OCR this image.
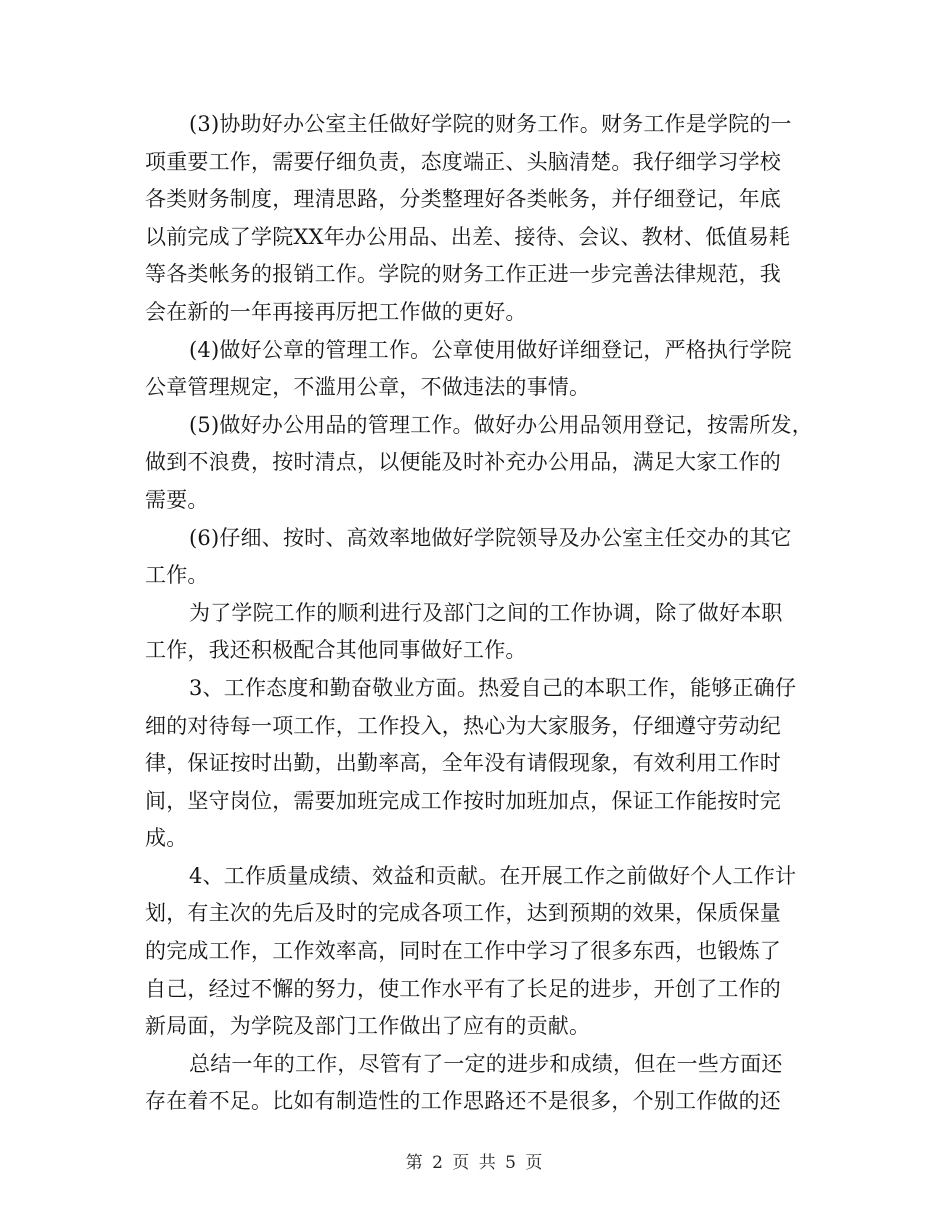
(3)协助好办公室主任做好学院的财务工作。财务工作是学院的一
项重要工作，需要仔细负责，态度端正、头脑清楚。我仔细学习学校
各类财务制度，理清思路，分类整理好各类帐务，并仔细登记，年底
以前完成了学院XX年办公用品、出差、接待、会议、教材、低值易耗
等各类帐务的报销工作。学院的财务工作正进一步完善法律规范，我
会在新的一年再接再厉把工作做的更好。
(4)做好公章的管理工作。公章使用做好详细登记，严格执行学院
公章管理规定，不滥用公章，不做违法的事情。
(5)做好办公用品的管理工作。做好办公用品领用登记，按需所发，
做到不浪费，按时清点，以便能及时补充办公用品，满足大家工作的
需要。
(6)仔细、按时、高效率地做好学院领导及办公室主任交办的其它
工作。
为了学院工作的顺利进行及部门之间的工作协调，除了做好本职
工作，我还积极配合其他同事做好工作。
3、工作态度和勤奋敬业方面。热爱自己的本职工作，能够正确仔
细的对待每一项工作，工作投入，热心为大家服务，仔细遵守劳动纪
律，保证按时出勤，出勤率高，全年没有请假现象，有效利用工作时
间，坚守岗位，需要加班完成工作按时加班加点，保证工作能按时完
成。
4、工作质量成绩、效益和贡献。在开展工作之前做好个人工作计
划，有主次的先后及时的完成各项工作，达到预期的效果，保质保量
的完成工作，工作效率高，同时在工作中学习了很多东西，也锻炼了
自己，经过不懈的努力，使工作水平有了长足的进步，开创了工作的
新局面，为学院及部门工作做出了应有的贡献。
总结一年的工作，尽管有了一定的进步和成绩，但在一些方面还
存在着不足。比如有制造性的工作思路还不是很多，个别工作做的还
第 2 页 共 5 页
